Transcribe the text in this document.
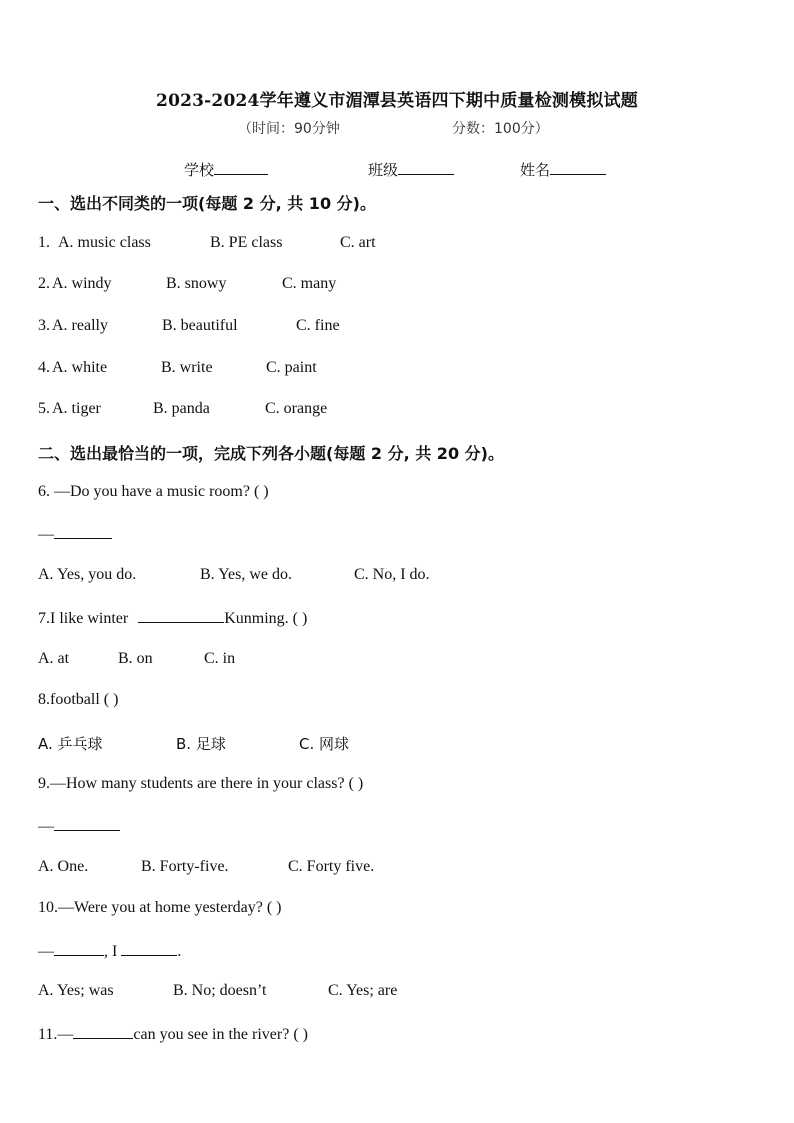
2023-2024学年遵义市湄潭县英语四下期中质量检测模拟试题
（时间：90分钟	分数：100分）
学校	班级	姓名
一、选出不同类的一项(每题 2 分, 共 10 分)。
1. A. music class	B. PE class	C. art
2. A. windy	B. snowy	C. many
3. A. really	B. beautiful	C. fine
4. A. white	B. write	C. paint
5. A. tiger	B. panda	C. orange
二、选出最恰当的一项，完成下列各小题(每题 2 分, 共 20 分)。
6. —Do you have a music room? ( )
—
A. Yes, you do.	B. Yes, we do.	C. No, I do.
7.I like winter	Kunming. ( )
A. at	B. on	C. in
8.football ( )
A. 乒乓球	B. 足球	C. 网球
9.—How many students are there in your class? ( )
—
A. One.	B. Forty-five.	C. Forty five.
10.—Were you at home yesterday? ( )
—	, I	.
A. Yes; was	B. No; doesn’t	C. Yes; are
11.—	can you see in the river? ( )
